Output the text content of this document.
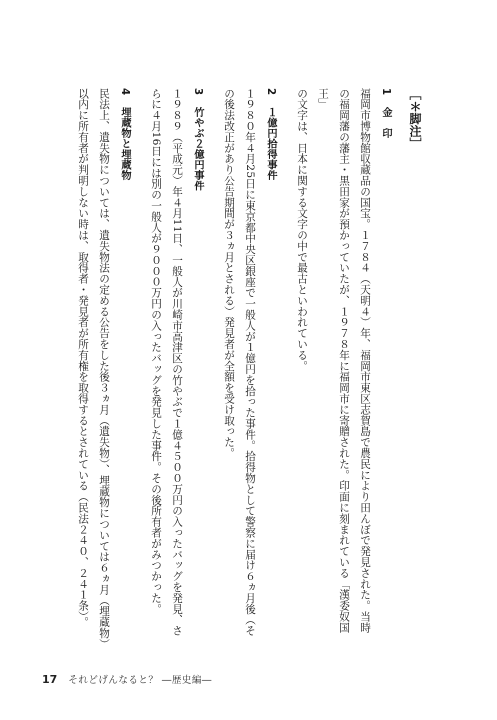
［＊脚注］

1 金　印

福岡市博物館収蔵品の国宝。１７８４（天明４）年、福岡市東区志賀島で農民により田んぼで発見された。当時

の福岡藩の藩主・黒田家が預かっていたが、１９７８年に福岡市に寄贈された。印面に刻まれている「漢委奴国王」

の文字は、日本に関する文字の中で最古といわれている。

2 １億円拾得事件

１９８０年４月25日に東京都中央区銀座で一般人が１億円を拾った事件。拾得物として警察に届け６ヵ月後（そ

の後法改正があり公告期間が３ヵ月とされる）発見者が全額を受け取った。

3 竹やぶ２億円事件

１９８９（平成元）年４月11日、一般人が川崎市高津区の竹やぶで１億４５００万円の入ったバッグを発見、さ

らに４月16日には別の一般人が９０００万円の入ったバッグを発見した事件。その後所有者がみつかった。

4 埋蔵物と埋蔵物

民法上、遺失物については、遺失物法の定める公告をした後３ヵ月（遺失物）、埋蔵物については６ヵ月（埋蔵物）

以内に所有者が判明しない時は、取得者・発見者が所有権を取得するとされている（民法２４０、２４１条）。

17 それどげんなると？ ―歴史編―
